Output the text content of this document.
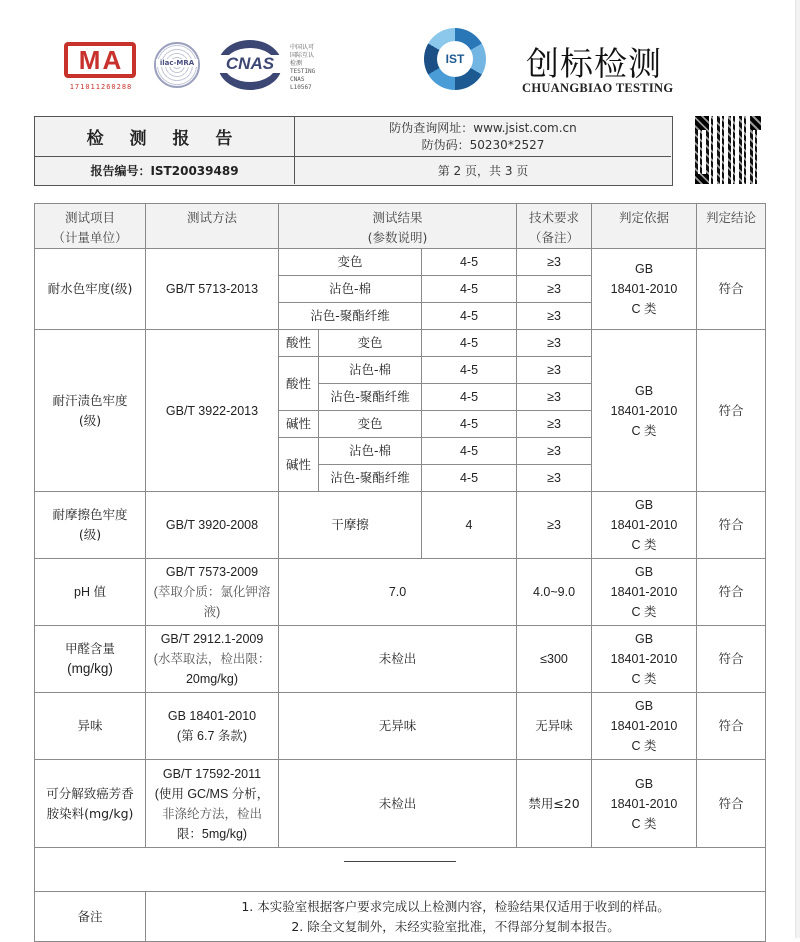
MA
171011260288
ilac-MRA	CNAS
中国认可
国际互认
检测
TESTING
CNAS L10567
IST 创标检测
CHUANGBIAO TESTING
检 测 报 告
防伪查询网址：www.jsist.com.cn
防伪码：50230*2527
报告编号：IST20039489	第 2 页，共 3 页
测试项目
（计量单位）	测试方法	测试结果
(参数说明)			技术要求
（备注）	判定依据	判定结论
耐水色牢度(级)	GB/T 5713-2013	变色		4-5	≥3	GB
18401-2010
C 类	符合
		沾色-棉		4-5	≥3		
		沾色-聚酯纤维		4-5	≥3		
耐汗渍色牢度
(级)	GB/T 3922-2013	酸性	变色	4-5	≥3	GB
18401-2010
C 类	符合
		酸性	沾色-棉	4-5	≥3		
			沾色-聚酯纤维	4-5	≥3		
		碱性	变色	4-5	≥3		
		碱性	沾色-棉	4-5	≥3		
			沾色-聚酯纤维	4-5	≥3		
耐摩擦色牢度
(级)	GB/T 3920-2008	干摩擦		4	≥3	GB
18401-2010
C 类	符合
pH 值	GB/T 7573-2009
(萃取介质：氯化钾溶
液)	7.0			4.0~9.0	GB
18401-2010
C 类	符合
甲醛含量
(mg/kg)	GB/T 2912.1-2009
(水萃取法，检出限：
20mg/kg)	未检出			≤300	GB
18401-2010
C 类	符合
异味	GB 18401-2010
(第 6.7 条款)	无异味			无异味	GB
18401-2010
C 类	符合
可分解致癌芳香
胺染料(mg/kg)	GB/T 17592-2011
(使用 GC/MS 分析，
非涤纶方法，检出
限：5mg/kg)	未检出			禁用≤20	GB
18401-2010
C 类	符合

备注	1. 本实验室根据客户要求完成以上检测内容，检验结果仅适用于收到的样品。
2. 除全文复制外，未经实验室批准，不得部分复制本报告。						
